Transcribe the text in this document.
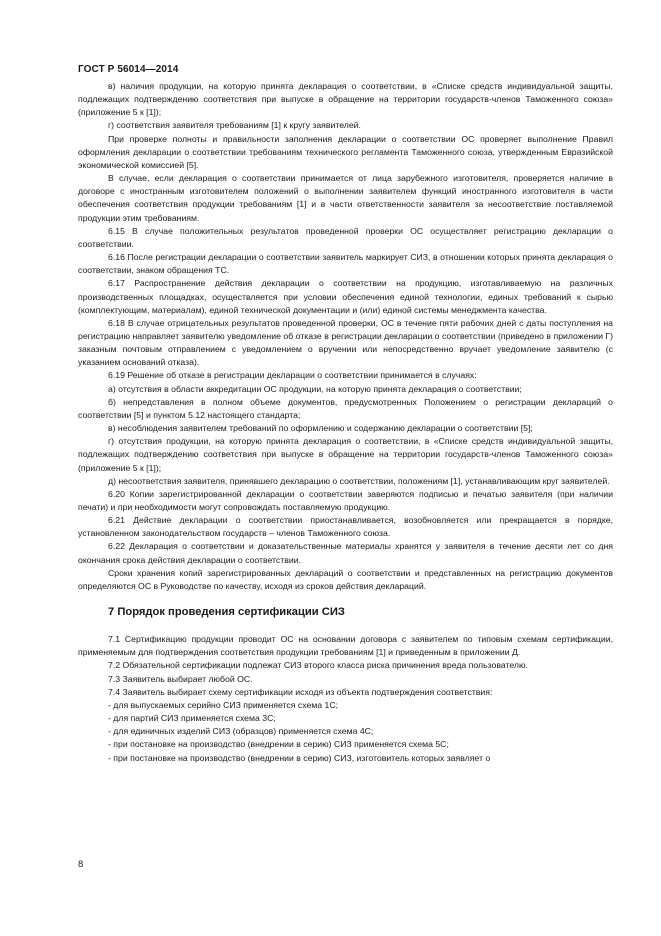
ГОСТ Р 56014—2014

в) наличия продукции, на которую принята декларация о соответствии, в «Списке средств индивидуальной защиты, подлежащих подтверждению соответствия при выпуске в обращение на территории государств-членов Таможенного союза» (приложение 5 к [1]);

г) соответствия заявителя требованиям [1] к кругу заявителей.

При проверке полноты и правильности заполнения декларации о соответствии ОС проверяет выполнение Правил оформления декларации о соответствии требованиям технического регламента Таможенного союза, утвержденным Евразийской экономической комиссией [5].

В случае, если декларация о соответствии принимается от лица зарубежного изготовителя, проверяется наличие в договоре с иностранным изготовителем положений о выполнении заявителем функций иностранного изготовителя в части обеспечения соответствия продукции требованиям [1] и в части ответственности заявителя за несоответствие поставляемой продукции этим требованиям.

6.15 В случае положительных результатов проведенной проверки ОС осуществляет регистрацию декларации о соответствии.

6.16 После регистрации декларации о соответствии заявитель маркирует СИЗ, в отношении которых принята декларация о соответствии, знаком обращения ТС.

6.17 Распространение действия декларации о соответствии на продукцию, изготавливаемую на различных производственных площадках, осуществляется при условии обеспечения единой технологии, единых требований к сырью (комплектующим, материалам), единой технической документации и (или) единой системы менеджмента качества.

6.18 В случае отрицательных результатов проведенной проверки, ОС в течение пяти рабочих дней с даты поступления на регистрацию направляет заявителю уведомление об отказе в регистрации декларации о соответствии (приведено в приложении Г) заказным почтовым отправлением с уведомлением о вручении или непосредственно вручает уведомление заявителю (с указанием оснований отказа).

6.19 Решение об отказе в регистрации декларации о соответствии принимается в случаях:

а) отсутствия в области аккредитации ОС продукции, на которую принята декларация о соответствии;

б) непредставления в полном объеме документов, предусмотренных Положением о регистрации деклараций о соответствии [5] и пунктом 5.12 настоящего стандарта;

в) несоблюдения заявителем требований по оформлению и содержанию декларации о соответствии [5];

г) отсутствия продукции, на которую принята декларация о соответствии, в «Списке средств индивидуальной защиты, подлежащих подтверждению соответствия при выпуске в обращение на территории государств-членов Таможенного союза» (приложение 5 к [1]);

д) несоответствия заявителя, принявшего декларацию о соответствии, положениям [1], устанавливающим круг заявителей.

6.20 Копии зарегистрированной декларации о соответствии заверяются подписью и печатью заявителя (при наличии печати) и при необходимости могут сопровождать поставляемую продукцию.

6.21 Действие декларации о соответствии приостанавливается, возобновляется или прекращается в порядке, установленном законодательством государств – членов Таможенного союза.

6.22 Декларация о соответствии и доказательственные материалы хранятся у заявителя в течение десяти лет со дня окончания срока действия декларации о соответствии.

Сроки хранения копий зарегистрированных деклараций о соответствии и представленных на регистрацию документов определяются ОС в Руководстве по качеству, исходя из сроков действия деклараций.

7 Порядок проведения сертификации СИЗ

7.1 Сертификацию продукции проводит ОС на основании договора с заявителем по типовым схемам сертификации, применяемым для подтверждения соответствия продукции требованиям [1] и приведенным в приложении Д.

7.2 Обязательной сертификации подлежат СИЗ второго класса риска причинения вреда пользователю.

7.3 Заявитель выбирает любой ОС.

7.4 Заявитель выбирает схему сертификации исходя из объекта подтверждения соответствия:

- для выпускаемых серийно СИЗ применяется схема 1С;

- для партий СИЗ применяется схема 3С;

- для единичных изделий СИЗ (образцов) применяется схема 4С;

- при постановке на производство (внедрении в серию) СИЗ применяется схема 5С;

- при постановке на производство (внедрении в серию) СИЗ, изготовитель которых заявляет о

8
